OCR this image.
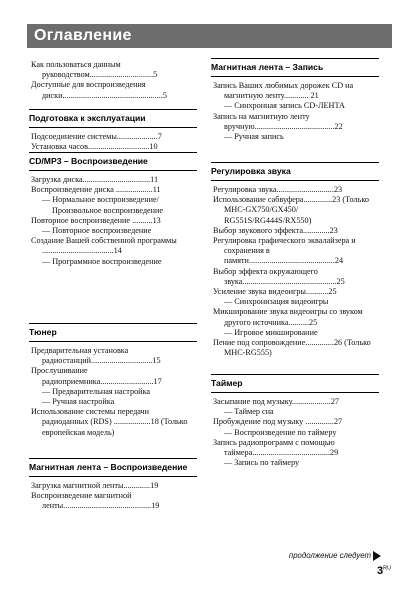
Оглавление
Как пользоваться данным руководством...............................5
Доступные для воспроизведения диски.................................................5
Подготовка к эксплуатации
Подсоединение системы....................7
Установка часов..............................10
CD/MP3 – Воспроизведение
Загрузка диска.................................11
Воспроизведение диска ..................11
— Нормальное воспроизведение/ Произвольное воспроизведение
Повторное воспроизведение ..........13
— Повторное воспроизведение
Создание Вашей собственной программы ...................................14
— Программное воспроизведение
Тюнер
Предварительная установка радиостанций..............................15
Прослушивание радиоприемника..........................17
— Предварительная настройка
— Ручная настройка
Использование системы передачи радиоданных (RDS) ..................18 (Только европейская модель)
Магнитная лента – Воспроизведение
Загрузка магнитной ленты.............19
Воспроизведение магнитной ленты...........................................19
Магнитная лента – Запись
Запись Ваших любимых дорожек CD на магнитную ленту............ 21
— Синхронная запись CD-ЛЕНТА
Запись на магнитную ленту вручную.......................................22
— Ручная запись
Регулировка звука
Регулировка звука............................23
Использование сабвуфера..............23 (Только MHC-GX750/GX450/ RG551S/RG444S/RX550)
Выбор звукового эффекта.............23
Регулировка графического эквалайзера и сохранения в памяти..........................................24
Выбор эффекта окружающего звука..............................................25
Усиление звука видеоигры...........25
— Синхронизация видеоигры
Микширование звука видеоигры со звуком другого источника..........25
— Игровое микширование
Пение под сопровождение..............26 (Только MHC-RG555)
Таймер
Засыпание под музыку...................27
— Таймер сна
Пробуждение под музыку ..............27
— Воспроизведение по таймеру
Запись радиопрограмм с помощью таймера......................................29
— Запись по таймеру
продолжение следует
$3^{RU}$
